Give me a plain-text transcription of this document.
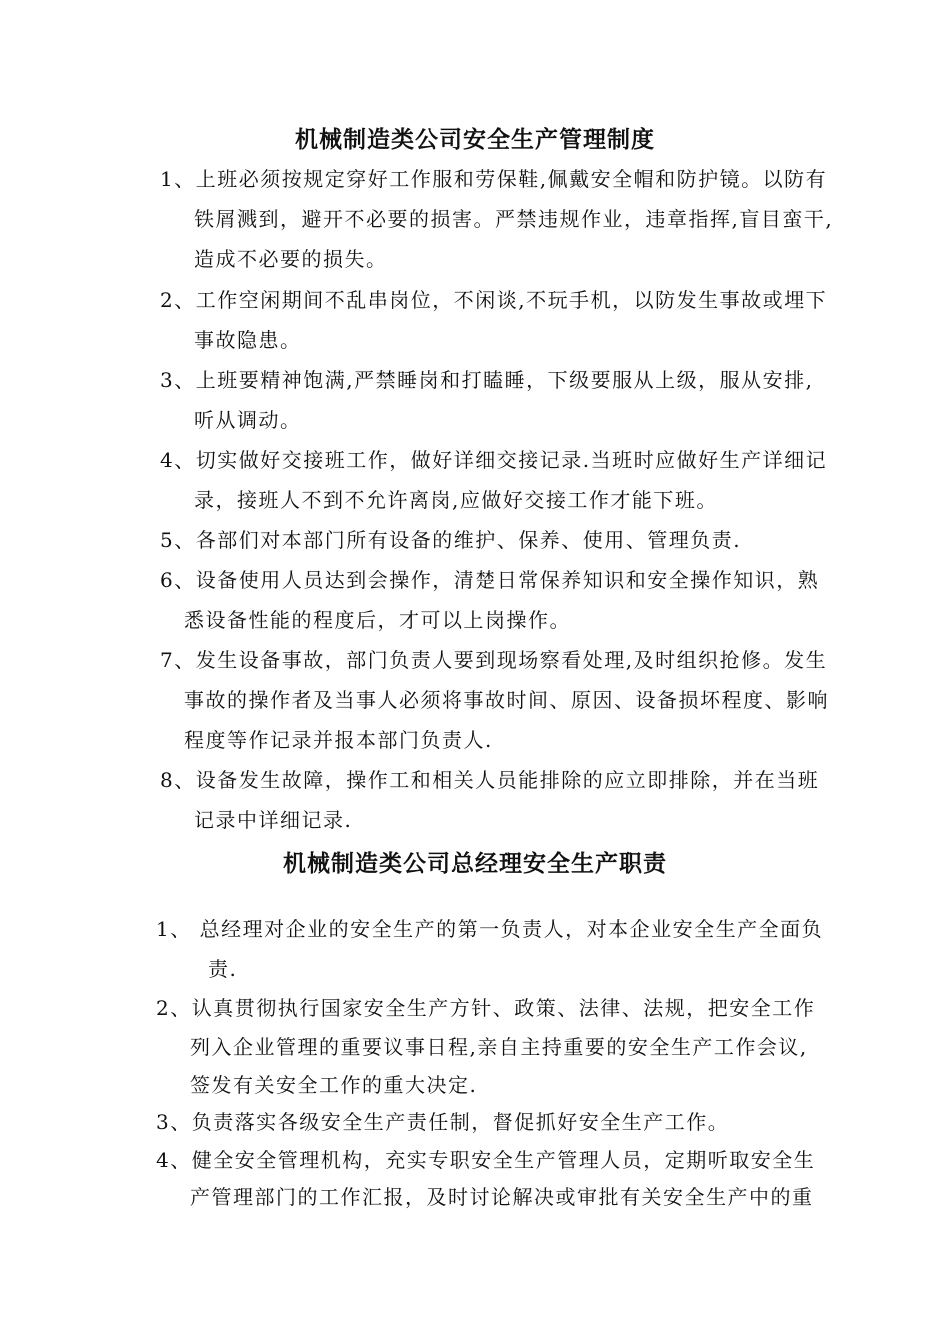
机械制造类公司安全生产管理制度
1、上班必须按规定穿好工作服和劳保鞋,佩戴安全帽和防护镜。以防有
铁屑溅到，避开不必要的损害。严禁违规作业，违章指挥,盲目蛮干,
造成不必要的损失。
2、工作空闲期间不乱串岗位，不闲谈,不玩手机，以防发生事故或埋下
事故隐患。
3、上班要精神饱满,严禁睡岗和打瞌睡，下级要服从上级，服从安排,
听从调动。
4、切实做好交接班工作，做好详细交接记录.当班时应做好生产详细记
录，接班人不到不允许离岗,应做好交接工作才能下班。
5、各部们对本部门所有设备的维护、保养、使用、管理负责.
6、设备使用人员达到会操作，清楚日常保养知识和安全操作知识，熟
悉设备性能的程度后，才可以上岗操作。
7、发生设备事故，部门负责人要到现场察看处理,及时组织抢修。发生
事故的操作者及当事人必须将事故时间、原因、设备损坏程度、影响
程度等作记录并报本部门负责人.
8、设备发生故障，操作工和相关人员能排除的应立即排除，并在当班
记录中详细记录.
机械制造类公司总经理安全生产职责
1、 总经理对企业的安全生产的第一负责人，对本企业安全生产全面负
责.
2、认真贯彻执行国家安全生产方针、政策、法律、法规，把安全工作
列入企业管理的重要议事日程,亲自主持重要的安全生产工作会议,
签发有关安全工作的重大决定.
3、负责落实各级安全生产责任制，督促抓好安全生产工作。
4、健全安全管理机构，充实专职安全生产管理人员，定期听取安全生
产管理部门的工作汇报，及时讨论解决或审批有关安全生产中的重
